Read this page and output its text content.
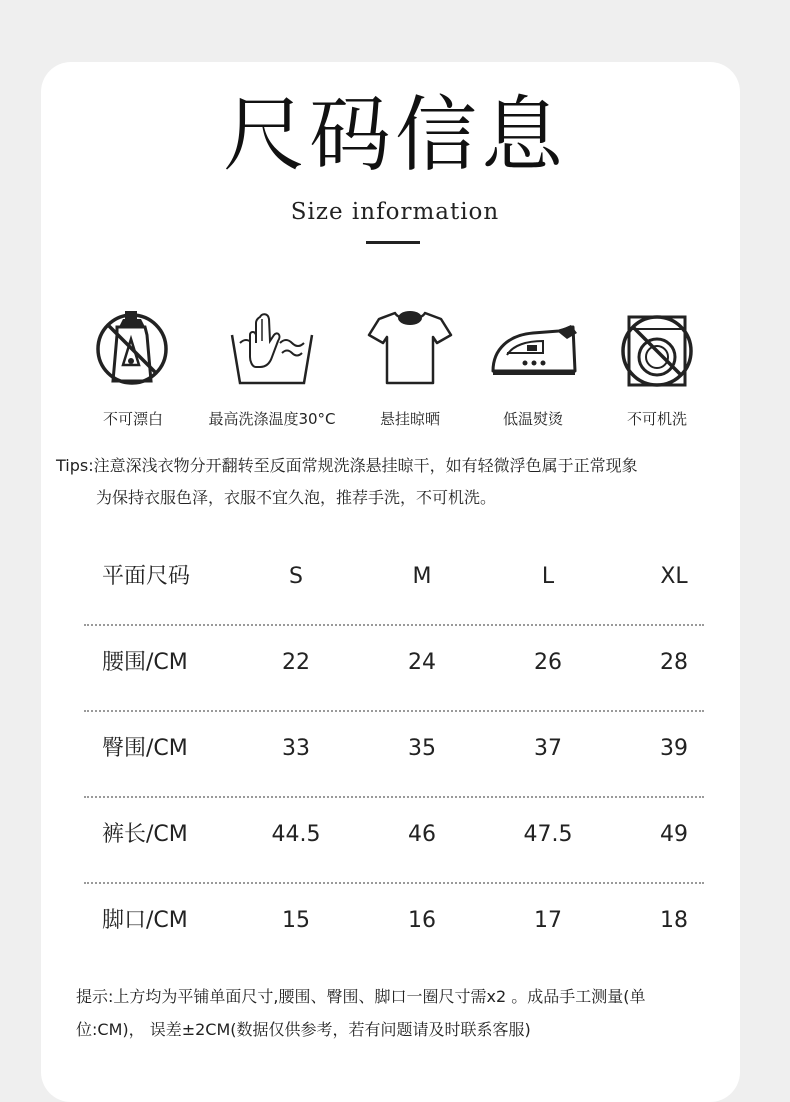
尺码信息
Size information
不可漂白	最高洗涤温度30°C	悬挂晾晒	低温熨烫	不可机洗
Tips:注意深浅衣物分开翻转至反面常规洗涤悬挂晾干，如有轻微浮色属于正常现象
为保持衣服色泽，衣服不宜久泡，推荐手洗，不可机洗。
平面尺码	S	M	L	XL
腰围/CM	22	24	26	28
臀围/CM	33	35	37	39
裤长/CM	44.5	46	47.5	49
脚口/CM	15	16	17	18
提示:上方均为平铺单面尺寸,腰围、臀围、脚口一圈尺寸需x2 。成品手工测量(单
位:CM)， 误差±2CM(数据仅供参考，若有问题请及时联系客服)
